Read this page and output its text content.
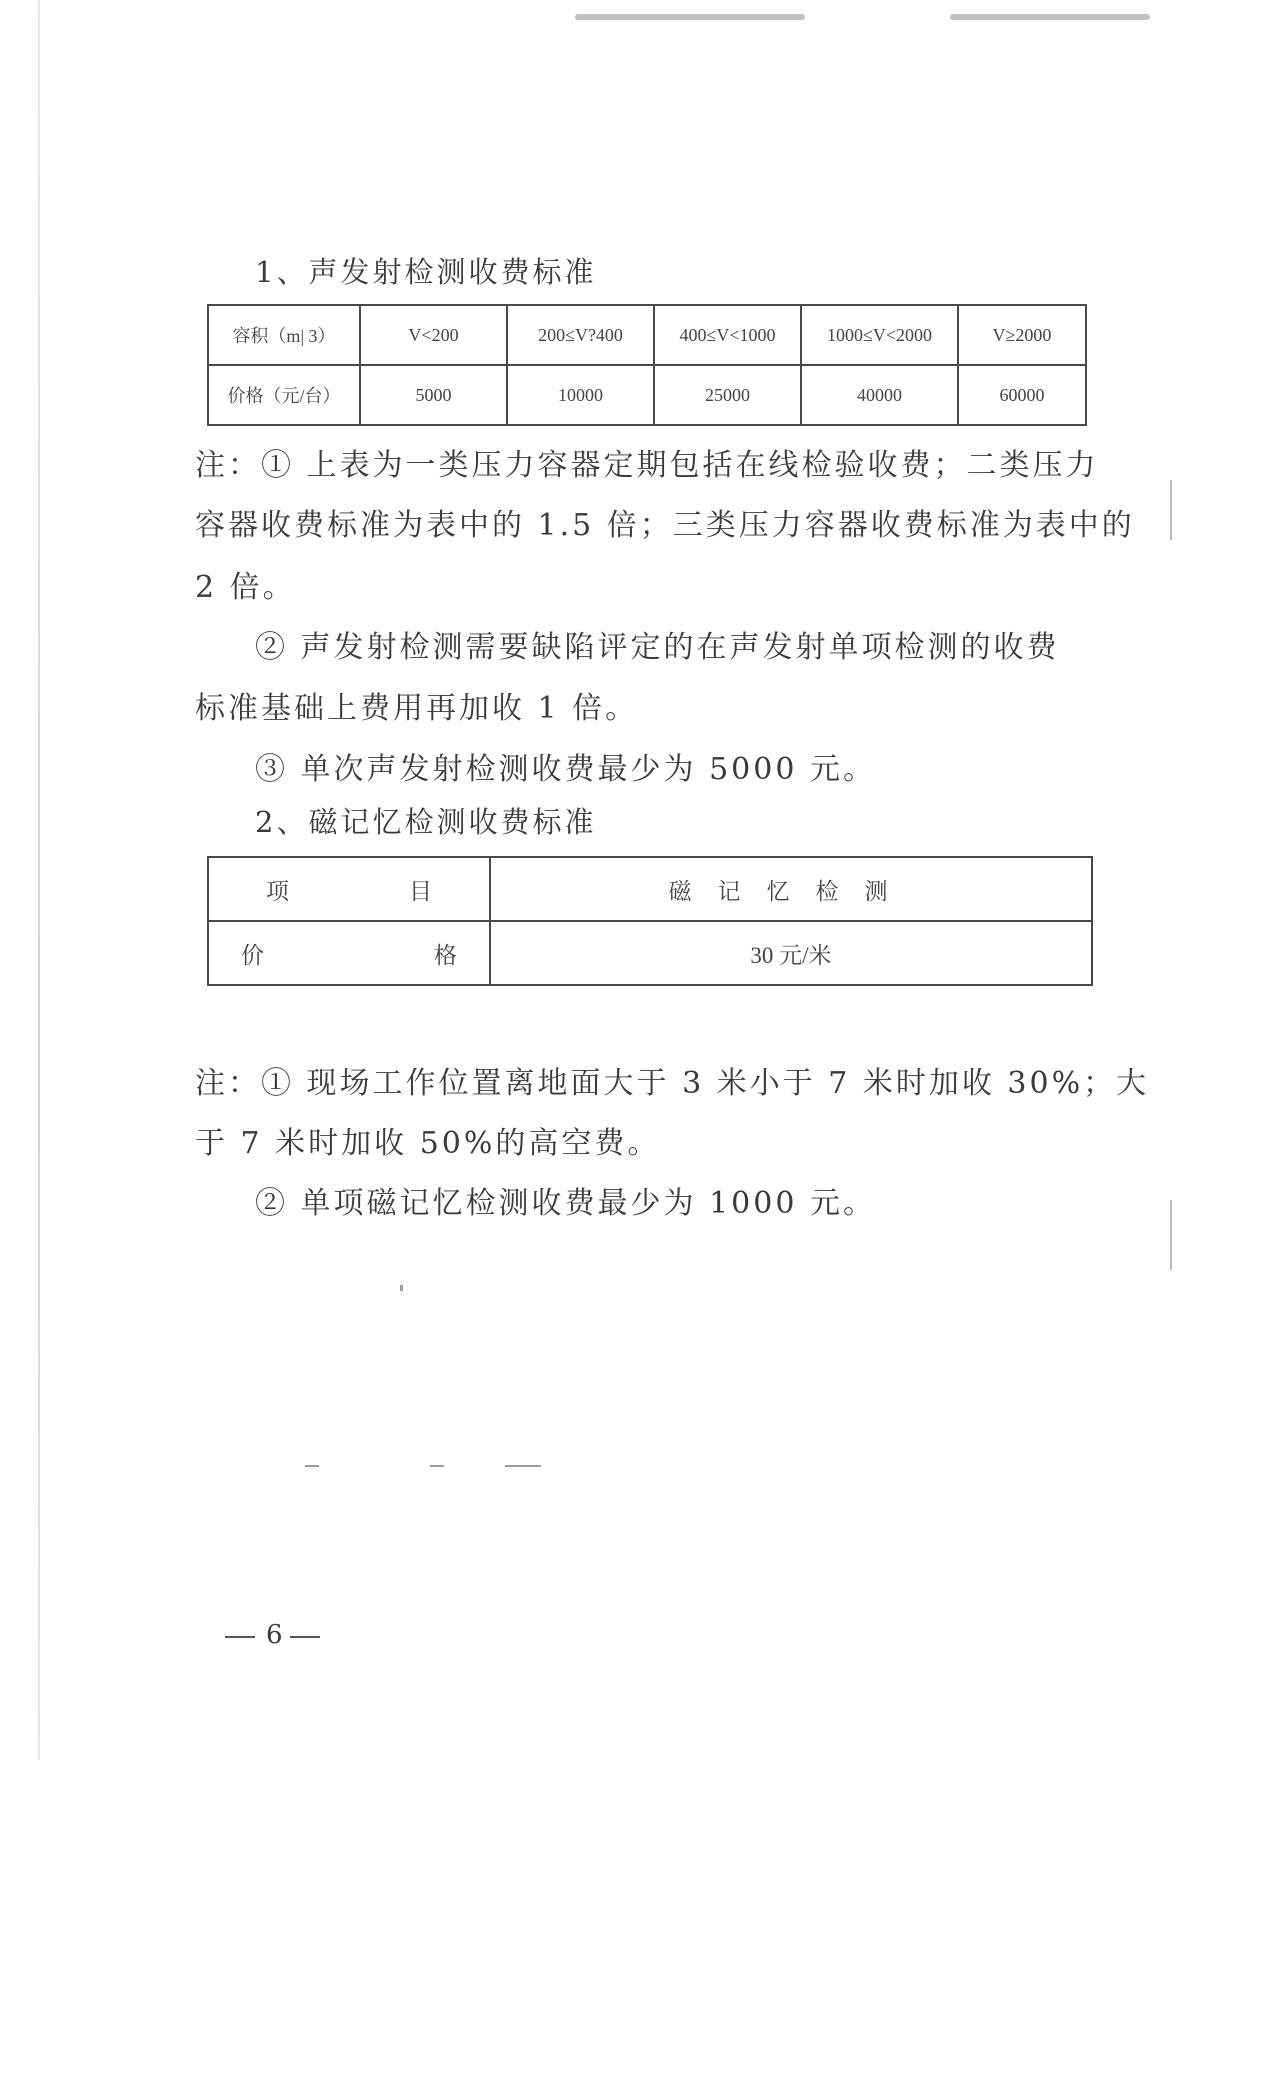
1、声发射检测收费标准
容积（m| 3）	V<200	200≤V?400	400≤V<1000	1000≤V<2000	V≥2000
价格（元/台）	5000	10000	25000	40000	60000
注：① 上表为一类压力容器定期包括在线检验收费；二类压力
容器收费标准为表中的 1.5 倍；三类压力容器收费标准为表中的
2 倍。
② 声发射检测需要缺陷评定的在声发射单项检测的收费
标准基础上费用再加收 1 倍。
③ 单次声发射检测收费最少为 5000 元。
2、磁记忆检测收费标准
项 目	磁记忆检测
价 格	30 元/米
注：① 现场工作位置离地面大于 3 米小于 7 米时加收 30%；大
于 7 米时加收 50%的高空费。
② 单项磁记忆检测收费最少为 1000 元。
6
